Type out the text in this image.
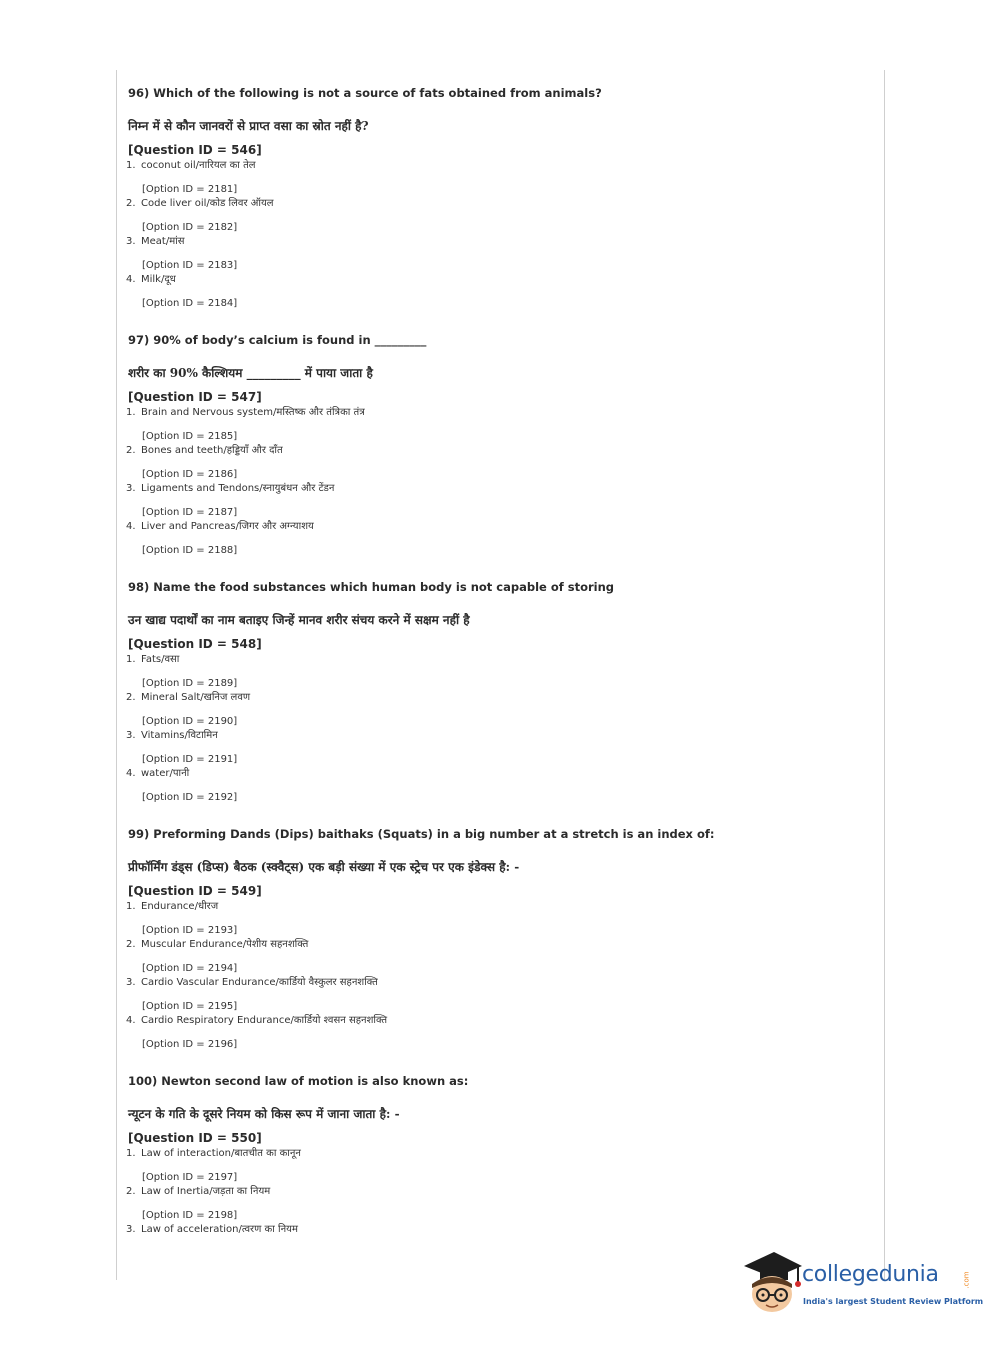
96) Which of the following is not a source of fats obtained from animals?
निम्न में से कौन जानवरों से प्राप्त वसा का स्रोत नहीं है?
[Question ID = 546]
1. coconut oil/नारियल का तेल
[Option ID = 2181]
2. Code liver oil/कोड लिवर ऑयल
[Option ID = 2182]
3. Meat/मांस
[Option ID = 2183]
4. Milk/दूध
[Option ID = 2184]
97) 90% of body’s calcium is found in _________
शरीर का 90% कैल्शियम _________ में पाया जाता है
[Question ID = 547]
1. Brain and Nervous system/मस्तिष्क और तंत्रिका तंत्र
[Option ID = 2185]
2. Bones and teeth/हड्डियाँ और दाँत
[Option ID = 2186]
3. Ligaments and Tendons/स्नायुबंधन और टेंडन
[Option ID = 2187]
4. Liver and Pancreas/जिगर और अग्न्याशय
[Option ID = 2188]
98) Name the food substances which human body is not capable of storing
उन खाद्य पदार्थों का नाम बताइए जिन्हें मानव शरीर संचय करने में सक्षम नहीं है
[Question ID = 548]
1. Fats/वसा
[Option ID = 2189]
2. Mineral Salt/खनिज लवण
[Option ID = 2190]
3. Vitamins/विटामिन
[Option ID = 2191]
4. water/पानी
[Option ID = 2192]
99) Preforming Dands (Dips) baithaks (Squats) in a big number at a stretch is an index of:
प्रीफॉर्मिंग डंड्स (डिप्स) बैठक (स्क्वैट्स) एक बड़ी संख्या में एक स्ट्रेच पर एक इंडेक्स है: -
[Question ID = 549]
1. Endurance/धीरज
[Option ID = 2193]
2. Muscular Endurance/पेशीय सहनशक्ति
[Option ID = 2194]
3. Cardio Vascular Endurance/कार्डियो वैस्कुलर सहनशक्ति
[Option ID = 2195]
4. Cardio Respiratory Endurance/कार्डियो श्वसन सहनशक्ति
[Option ID = 2196]
100) Newton second law of motion is also known as:
न्यूटन के गति के दूसरे नियम को किस रूप में जाना जाता है: -
[Question ID = 550]
1. Law of interaction/बातचीत का कानून
[Option ID = 2197]
2. Law of Inertia/जड़ता का नियम
[Option ID = 2198]
3. Law of acceleration/त्वरण का नियम
collegedunia	.com
India's largest Student Review Platform
